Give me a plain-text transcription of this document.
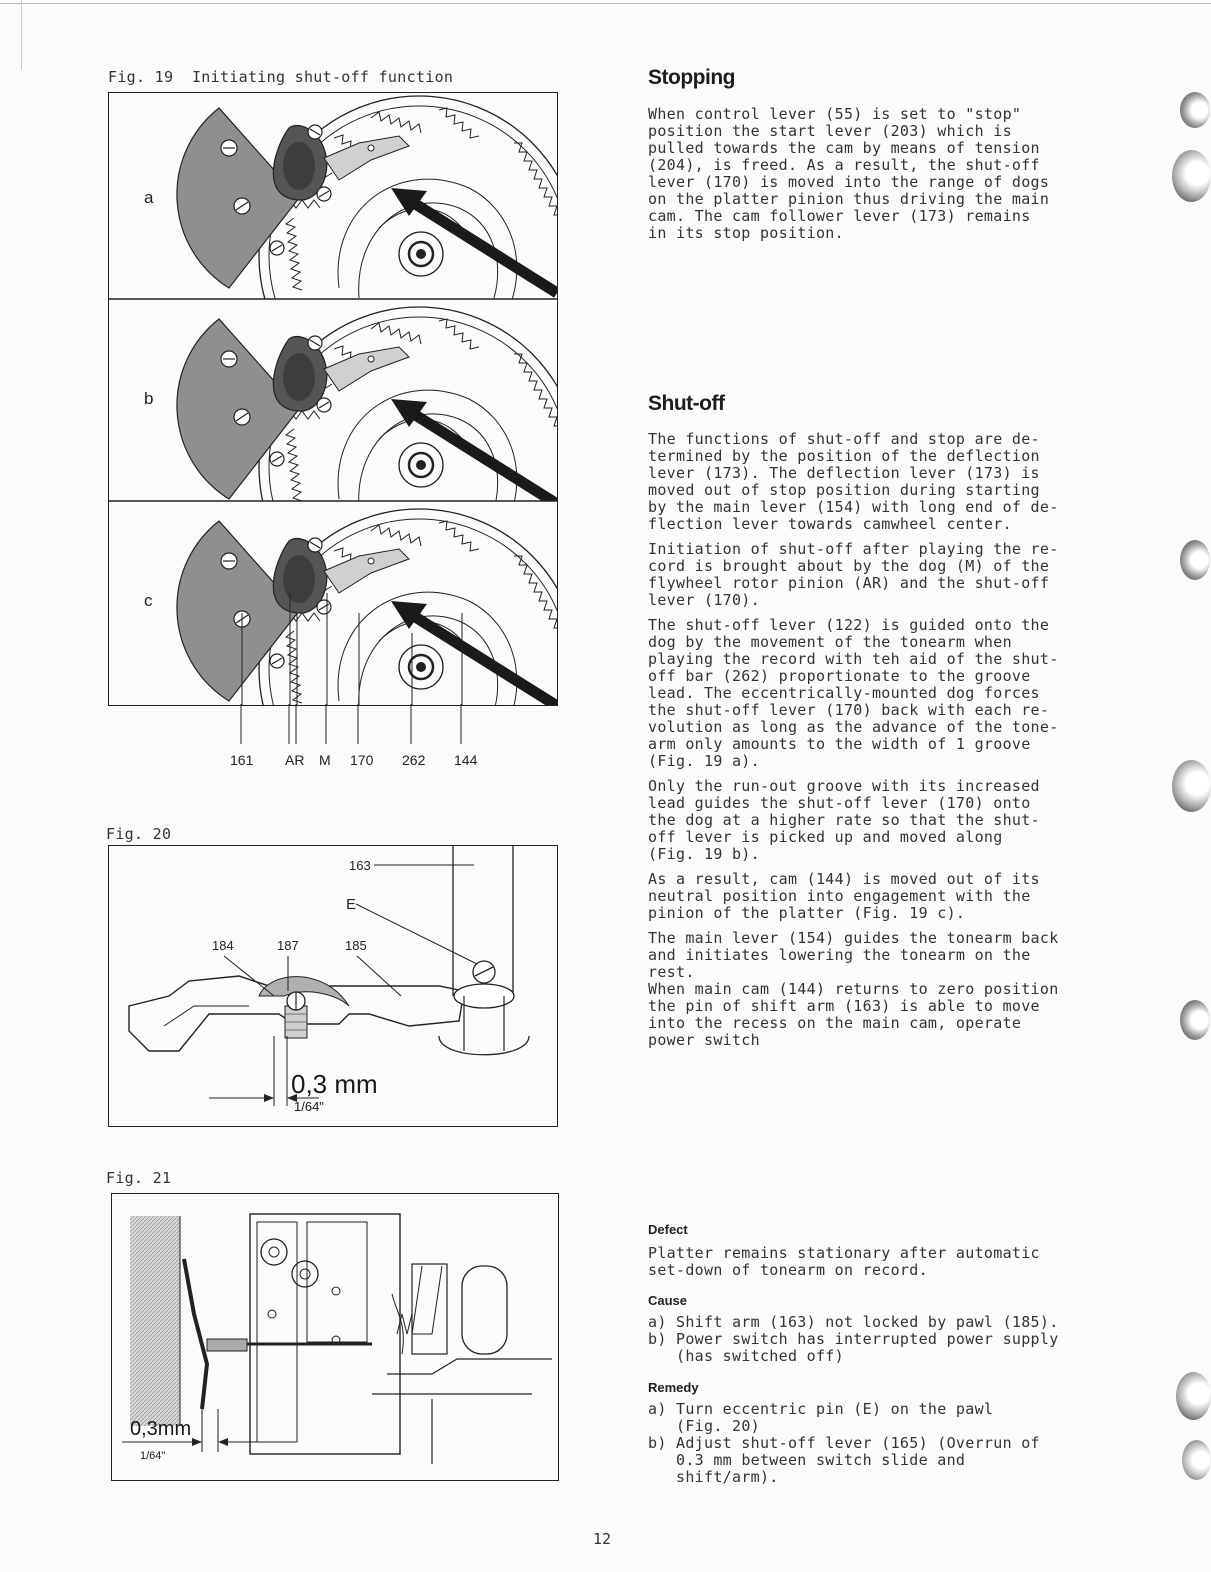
Fig. 19  Initiating shut-off function
a
b
c
161 AR M 170 262 144
Fig. 20
163
E
184	187	185
0,3 mm
1/64"
Fig. 21
0,3mm
1/64"
Stopping
When control lever (55) is set to "stop"
position the start lever (203) which is
pulled towards the cam by means of tension
(204), is freed. As a result, the shut-off
lever (170) is moved into the range of dogs
on the platter pinion thus driving the main
cam. The cam follower lever (173) remains
in its stop position.
Shut-off

The functions of shut-off and stop are de-
termined by the position of the deflection
lever (173). The deflection lever (173) is
moved out of stop position during starting
by the main lever (154) with long end of de-
flection lever towards camwheel center.

Initiation of shut-off after playing the re-
cord is brought about by the dog (M) of the
flywheel rotor pinion (AR) and the shut-off
lever (170).

The shut-off lever (122) is guided onto the
dog by the movement of the tonearm when
playing the record with teh aid of the shut-
off bar (262) proportionate to the groove
lead. The eccentrically-mounted dog forces
the shut-off lever (170) back with each re-
volution as long as the advance of the tone-
arm only amounts to the width of 1 groove
(Fig. 19 a).

Only the run-out groove with its increased
lead guides the shut-off lever (170) onto
the dog at a higher rate so that the shut-
off lever is picked up and moved along
(Fig. 19 b).

As a result, cam (144) is moved out of its
neutral position into engagement with the
pinion of the platter (Fig. 19 c).

The main lever (154) guides the tonearm back
and initiates lowering the tonearm on the
rest.
When main cam (144) returns to zero position
the pin of shift arm (163) is able to move
into the recess on the main cam, operate
power switch

Defect
Platter remains stationary after automatic
set-down of tonearm on record.
Cause
a) Shift arm (163) not locked by pawl (185).
b) Power switch has interrupted power supply
(has switched off)
Remedy
a) Turn eccentric pin (E) on the pawl
(Fig. 20)
b) Adjust shut-off lever (165) (Overrun of
0.3 mm between switch slide and
shift/arm).
12
